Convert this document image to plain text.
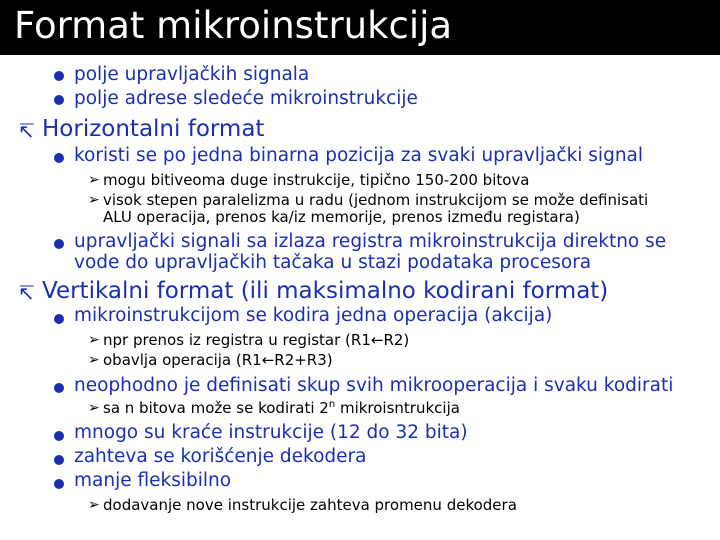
Format mikroinstrukcija

polje upravljačkih signala

polje adrese sledeće mikroinstrukcije

↸ Horizontalni format

koristi se po jedna binarna pozicija za svaki upravljački signal

➢ mogu bitiveoma duge instrukcije, tipično 150-200 bitova

➢ visok stepen paralelizma u radu (jednom instrukcijom se može definisati

ALU operacija, prenos ka/iz memorije, prenos između registara)

upravljački signali sa izlaza registra mikroinstrukcija direktno se

vode do upravljačkih tačaka u stazi podataka procesora

↸ Vertikalni format (ili maksimalno kodirani format)

mikroinstrukcijom se kodira jedna operacija (akcija)

➢ npr prenos iz registra u registar (R1←R2)

➢ obavlja operacija (R1←R2+R3)

neophodno je definisati skup svih mikrooperacija i svaku kodirati

➢ sa n bitova može se kodirati 2$^n$ mikroisntrukcija

mnogo su kraće instrukcije (12 do 32 bita)

zahteva se korišćenje dekodera

manje fleksibilno

➢ dodavanje nove instrukcije zahteva promenu dekodera
